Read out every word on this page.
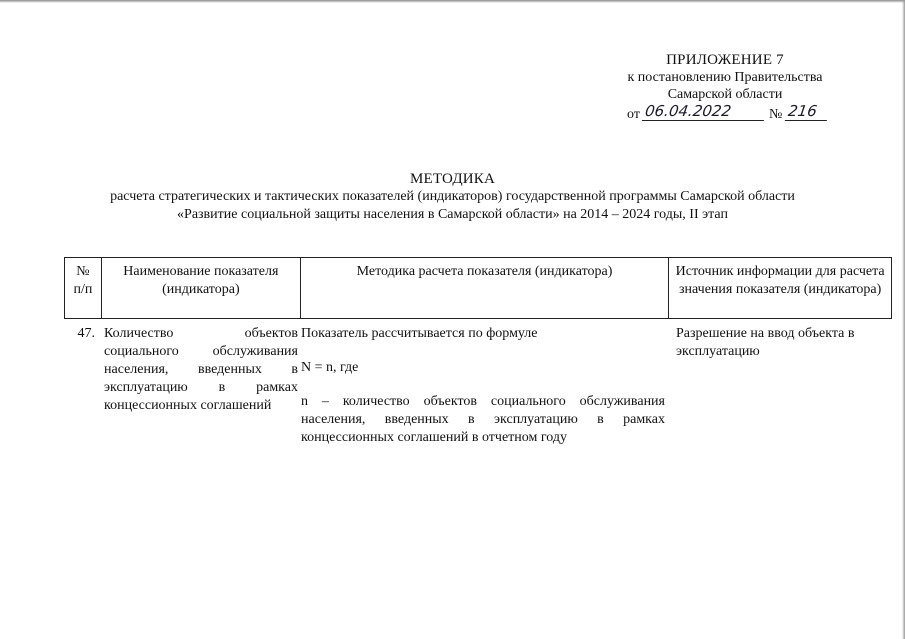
ПРИЛОЖЕНИЕ 7
к постановлению Правительства
Самарской области
от 06.04.2022	№ 216
МЕТОДИКА
расчета стратегических и тактических показателей (индикаторов) государственной программы Самарской области
«Развитие социальной защиты населения в Самарской области» на 2014 – 2024 годы, II этап
№ п/п
Наименование показателя (индикатора)
Методика расчета показателя (индикатора)	Источник информации для расчета значения показателя (индикатора)
47. Количество объектов социального обслуживания населения, введенных в эксплуатацию в рамках концессионных соглашений

Показатель рассчитывается по формуле

N = n, где

n – количество объектов социального обслуживания населения, введенных в эксплуатацию в рамках концессионных соглашений в отчетном году

Разрешение на ввод объекта в эксплуатацию
